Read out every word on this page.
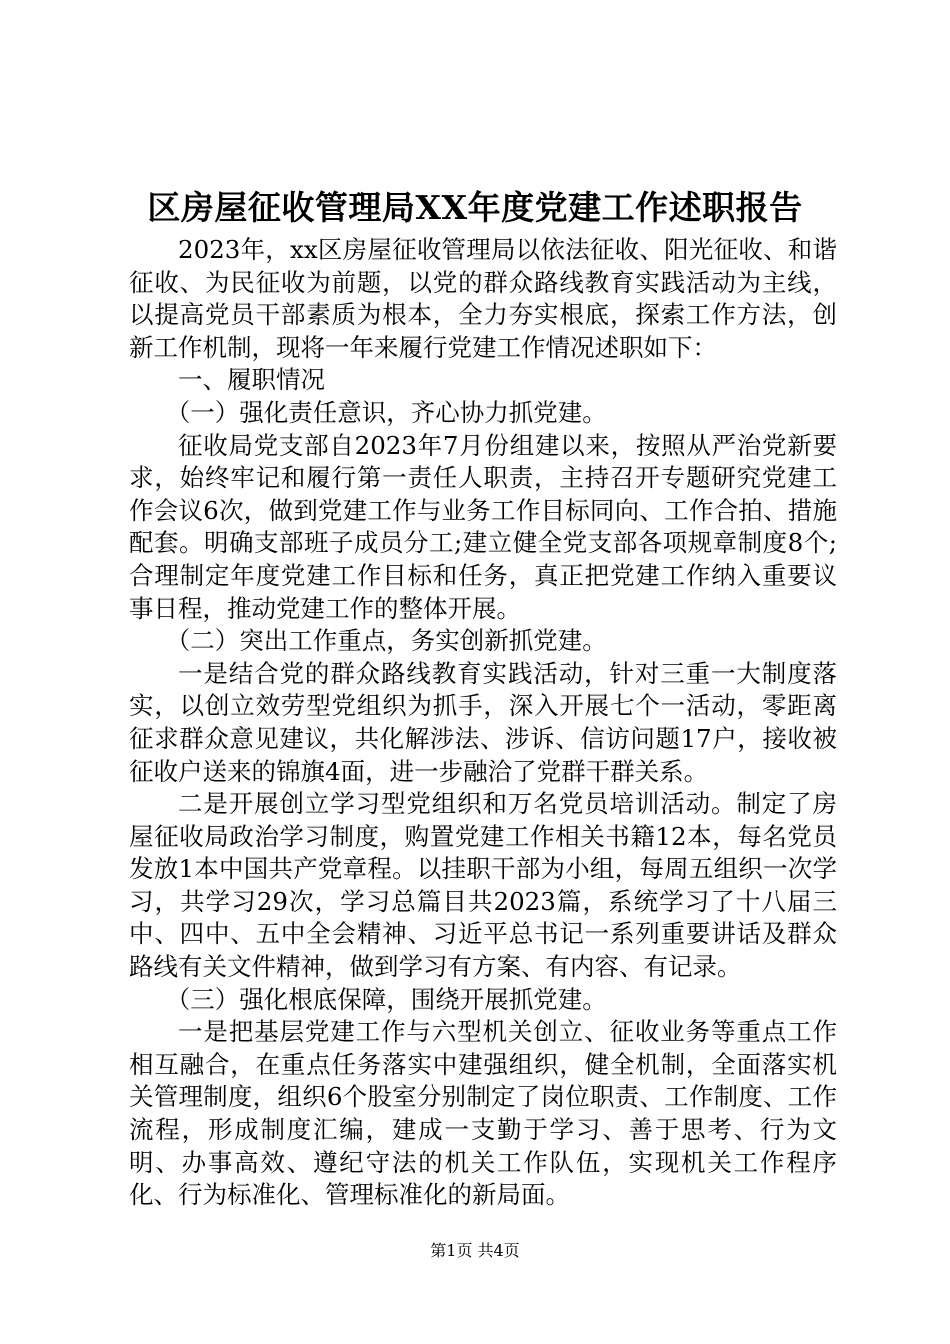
区房屋征收管理局XX年度党建工作述职报告

2023年，xx区房屋征收管理局以依法征收、阳光征收、和谐征收、为民征收为前题，以党的群众路线教育实践活动为主线，以提高党员干部素质为根本，全力夯实根底，探索工作方法，创新工作机制，现将一年来履行党建工作情况述职如下：

一、履职情况

（一）强化责任意识，齐心协力抓党建。

征收局党支部自2023年7月份组建以来，按照从严治党新要求，始终牢记和履行第一责任人职责，主持召开专题研究党建工作会议6次，做到党建工作与业务工作目标同向、工作合拍、措施配套。明确支部班子成员分工;建立健全党支部各项规章制度8个;合理制定年度党建工作目标和任务，真正把党建工作纳入重要议事日程，推动党建工作的整体开展。

（二）突出工作重点，务实创新抓党建。

一是结合党的群众路线教育实践活动，针对三重一大制度落实，以创立效劳型党组织为抓手，深入开展七个一活动，零距离征求群众意见建议，共化解涉法、涉诉、信访问题17户，接收被征收户送来的锦旗4面，进一步融洽了党群干群关系。

二是开展创立学习型党组织和万名党员培训活动。制定了房屋征收局政治学习制度，购置党建工作相关书籍12本，每名党员发放1本中国共产党章程。以挂职干部为小组，每周五组织一次学习，共学习29次，学习总篇目共2023篇，系统学习了十八届三中、四中、五中全会精神、习近平总书记一系列重要讲话及群众路线有关文件精神，做到学习有方案、有内容、有记录。

（三）强化根底保障，围绕开展抓党建。

一是把基层党建工作与六型机关创立、征收业务等重点工作相互融合，在重点任务落实中建强组织，健全机制，全面落实机关管理制度，组织6个股室分别制定了岗位职责、工作制度、工作流程，形成制度汇编，建成一支勤于学习、善于思考、行为文明、办事高效、遵纪守法的机关工作队伍，实现机关工作程序化、行为标准化、管理标准化的新局面。

第1页 共4页
